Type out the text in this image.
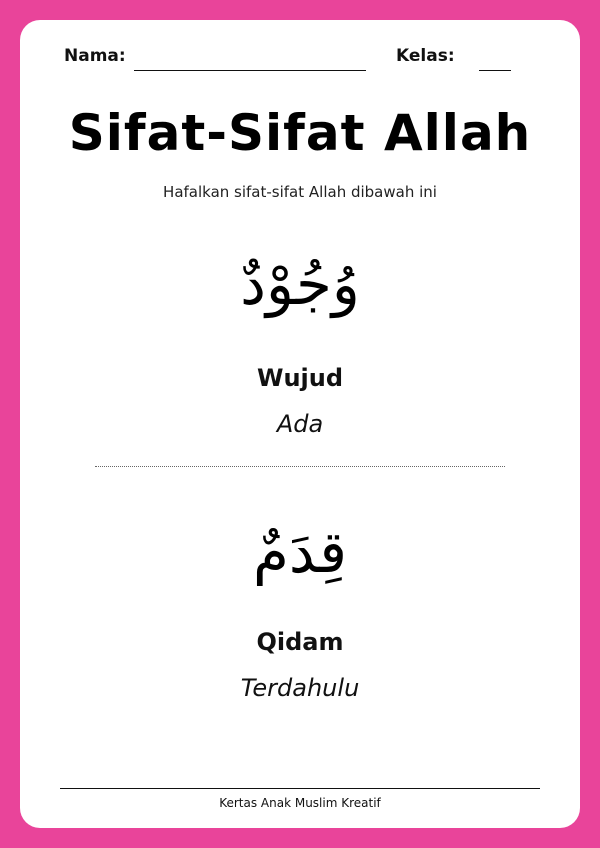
Nama:	Kelas:
Sifat-Sifat Allah
Hafalkan sifat-sifat Allah dibawah ini
وُجُوْدٌ
Wujud
Ada
قِدَمٌ
Qidam
Terdahulu
Kertas Anak Muslim Kreatif
